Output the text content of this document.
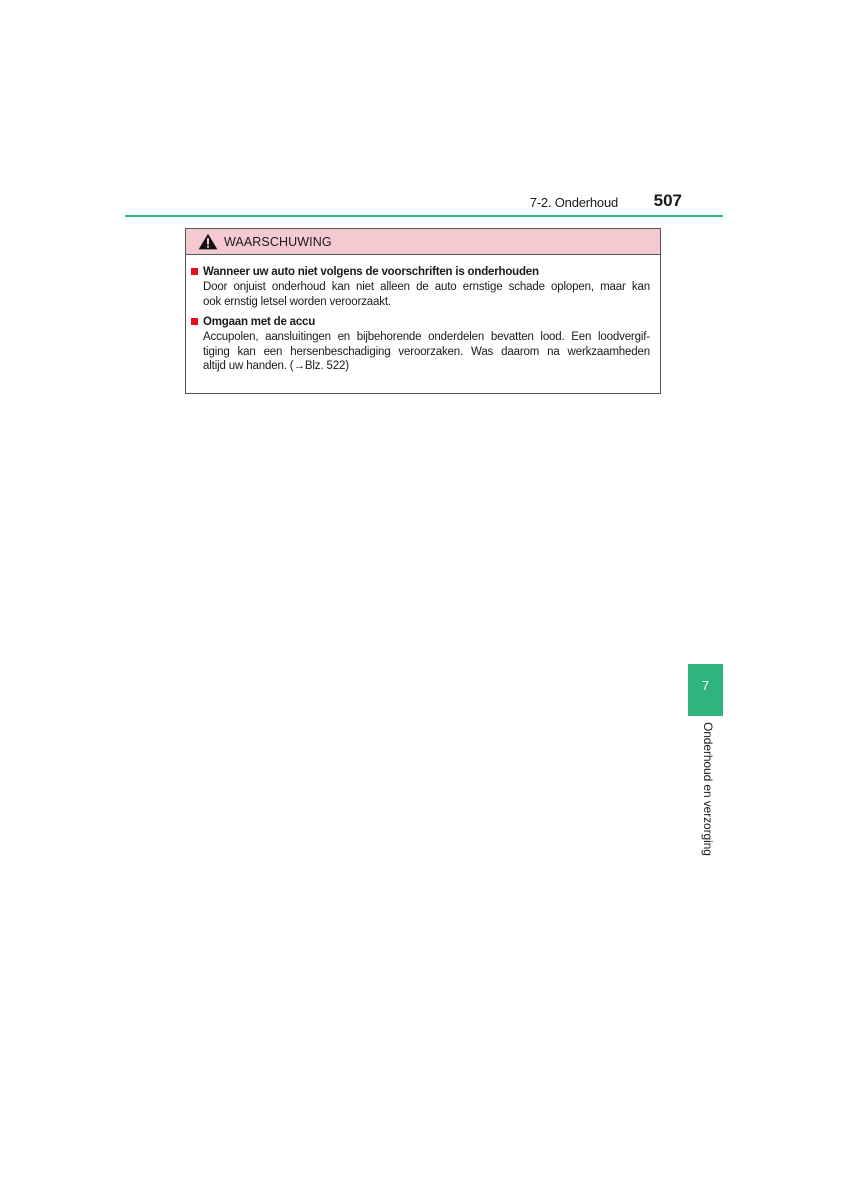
7-2. Onderhoud	507
WAARSCHUWING
Wanneer uw auto niet volgens de voorschriften is onderhouden
Door onjuist onderhoud kan niet alleen de auto ernstige schade oplopen, maar kan
ook ernstig letsel worden veroorzaakt.
Omgaan met de accu
Accupolen, aansluitingen en bijbehorende onderdelen bevatten lood. Een loodvergif-
tiging kan een hersenbeschadiging veroorzaken. Was daarom na werkzaamheden
altijd uw handen. (→Blz. 522)
7
Onderhoud en verzorging
